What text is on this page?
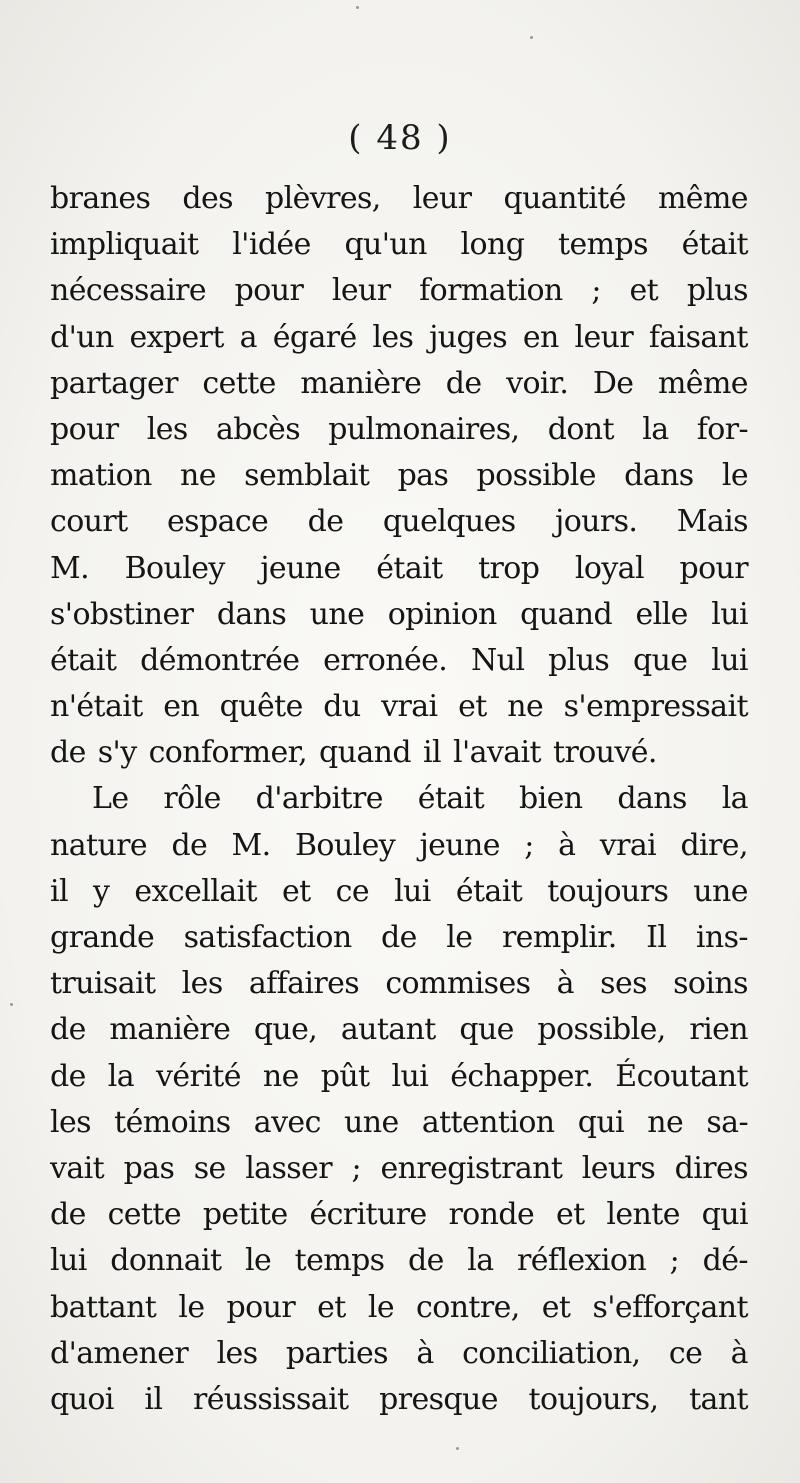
( 48 )
branes des plèvres, leur quantité même
impliquait l'idée qu'un long temps était
nécessaire pour leur formation ; et plus
d'un expert a égaré les juges en leur faisant
partager cette manière de voir. De même
pour les abcès pulmonaires, dont la for-
mation ne semblait pas possible dans le
court espace de quelques jours. Mais
M. Bouley jeune était trop loyal pour
s'obstiner dans une opinion quand elle lui
était démontrée erronée. Nul plus que lui
n'était en quête du vrai et ne s'empressait
de s'y conformer, quand il l'avait trouvé.
Le rôle d'arbitre était bien dans la
nature de M. Bouley jeune ; à vrai dire,
il y excellait et ce lui était toujours une
grande satisfaction de le remplir. Il ins-
truisait les affaires commises à ses soins
de manière que, autant que possible, rien
de la vérité ne pût lui échapper. Écoutant
les témoins avec une attention qui ne sa-
vait pas se lasser ; enregistrant leurs dires
de cette petite écriture ronde et lente qui
lui donnait le temps de la réflexion ; dé-
battant le pour et le contre, et s'efforçant
d'amener les parties à conciliation, ce à
quoi il réussissait presque toujours, tant
